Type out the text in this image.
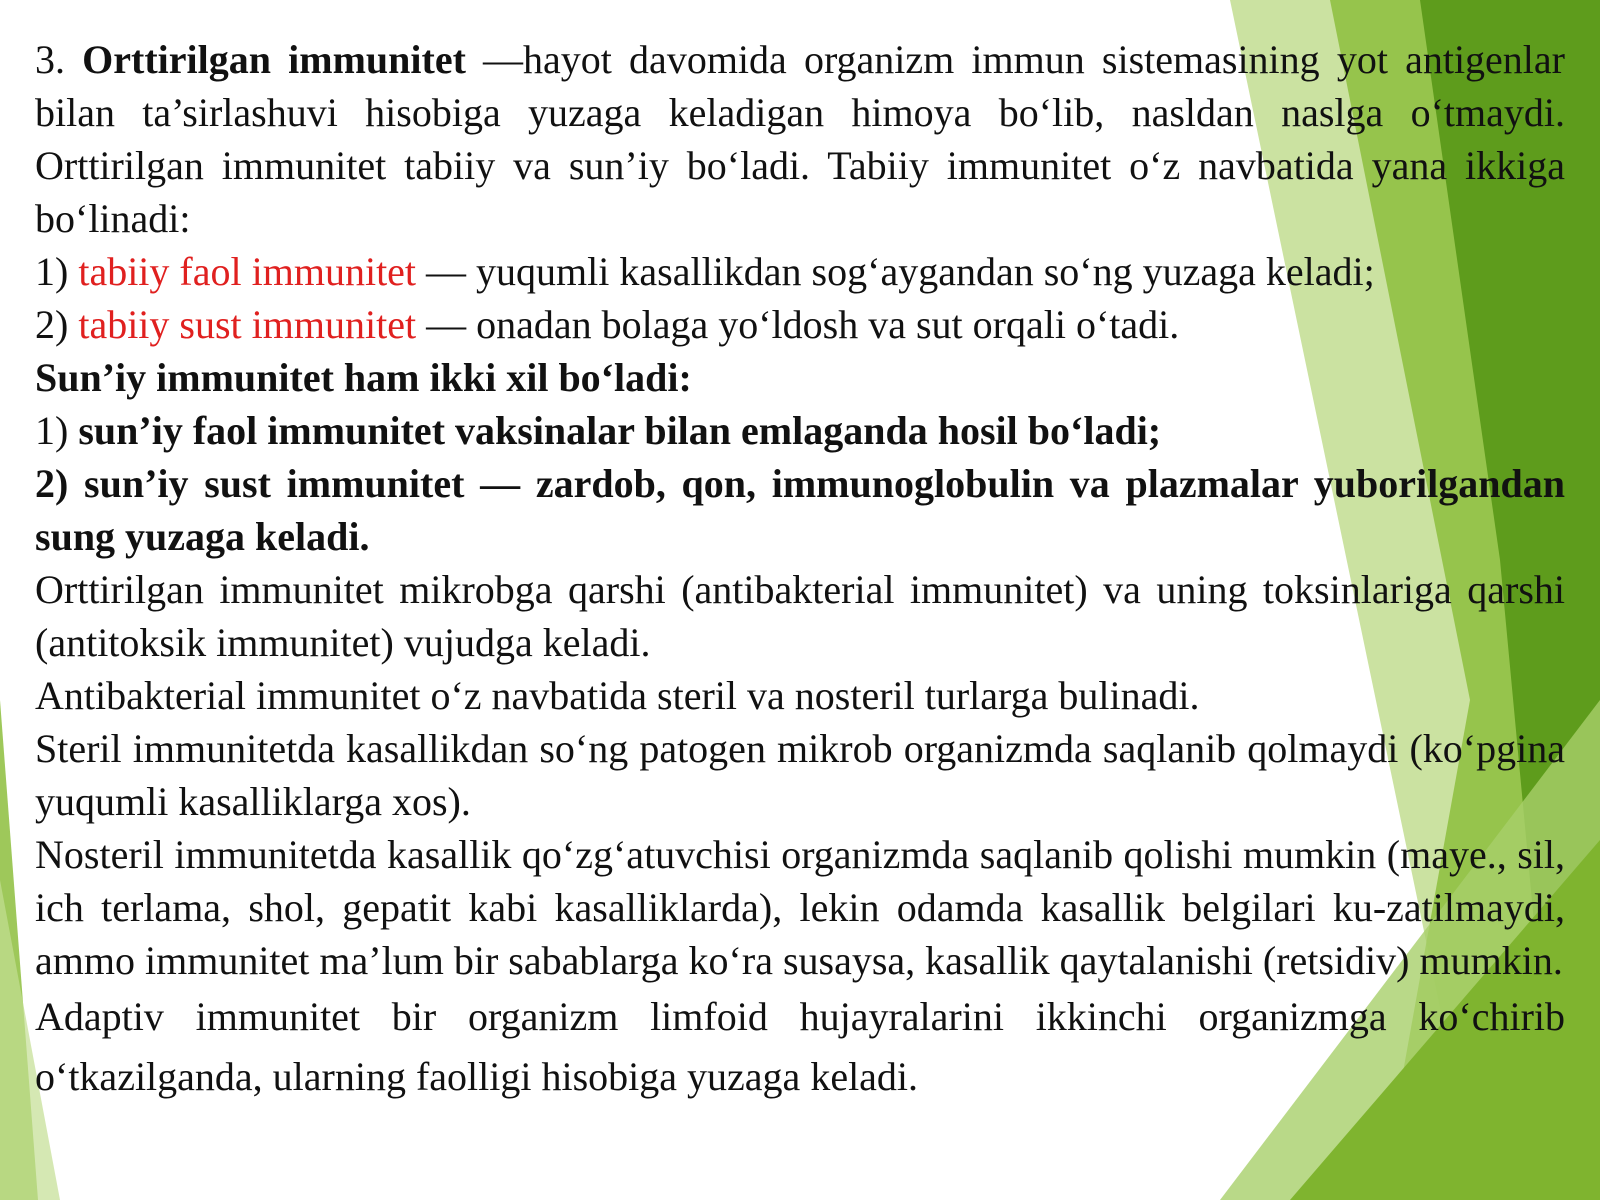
3. Orttirilgan immunitet —hayot davomida organizm immun sistemasining yot antigenlar bilan ta’sirlashuvi hisobiga yuzaga keladigan himoya bo‘lib, nasldan naslga o‘tmaydi. Orttirilgan immunitet tabiiy va sun’iy bo‘ladi. Tabiiy immunitet o‘z navbatida yana ikkiga bo‘linadi:

1) tabiiy faol immunitet — yuqumli kasallikdan sog‘aygandan so‘ng yuzaga keladi;

2) tabiiy sust immunitet — onadan bolaga yo‘ldosh va sut orqali o‘tadi.

Sun’iy immunitet ham ikki xil bo‘ladi:

1) sun’iy faol immunitet vaksinalar bilan emlaganda hosil bo‘ladi;

2) sun’iy sust immunitet — zardob, qon, immunoglobulin va plazmalar yuborilgandan sung yuzaga keladi.

Orttirilgan immunitet mikrobga qarshi (antibakterial immunitet) va uning toksinlariga qarshi (antitoksik immunitet) vujudga keladi.

Antibakterial immunitet o‘z navbatida steril va nosteril turlarga bulinadi.

Steril immunitetda kasallikdan so‘ng patogen mikrob organizmda saqlanib qolmaydi (ko‘pgina yuqumli kasalliklarga xos).

Nosteril immunitetda kasallik qo‘zg‘atuvchisi organizmda saqlanib qolishi mumkin (maye., sil, ich terlama, shol, gepatit kabi kasalliklarda), lekin odamda kasallik belgilari ku-zatilmaydi, ammo immunitet ma’lum bir sabablarga ko‘ra susaysa, kasallik qaytalanishi (retsidiv) mumkin.

Adaptiv immunitet bir organizm limfoid hujayralarini ikkinchi organizmga ko‘chirib o‘tkazilganda, ularning faolligi hisobiga yuzaga keladi.
